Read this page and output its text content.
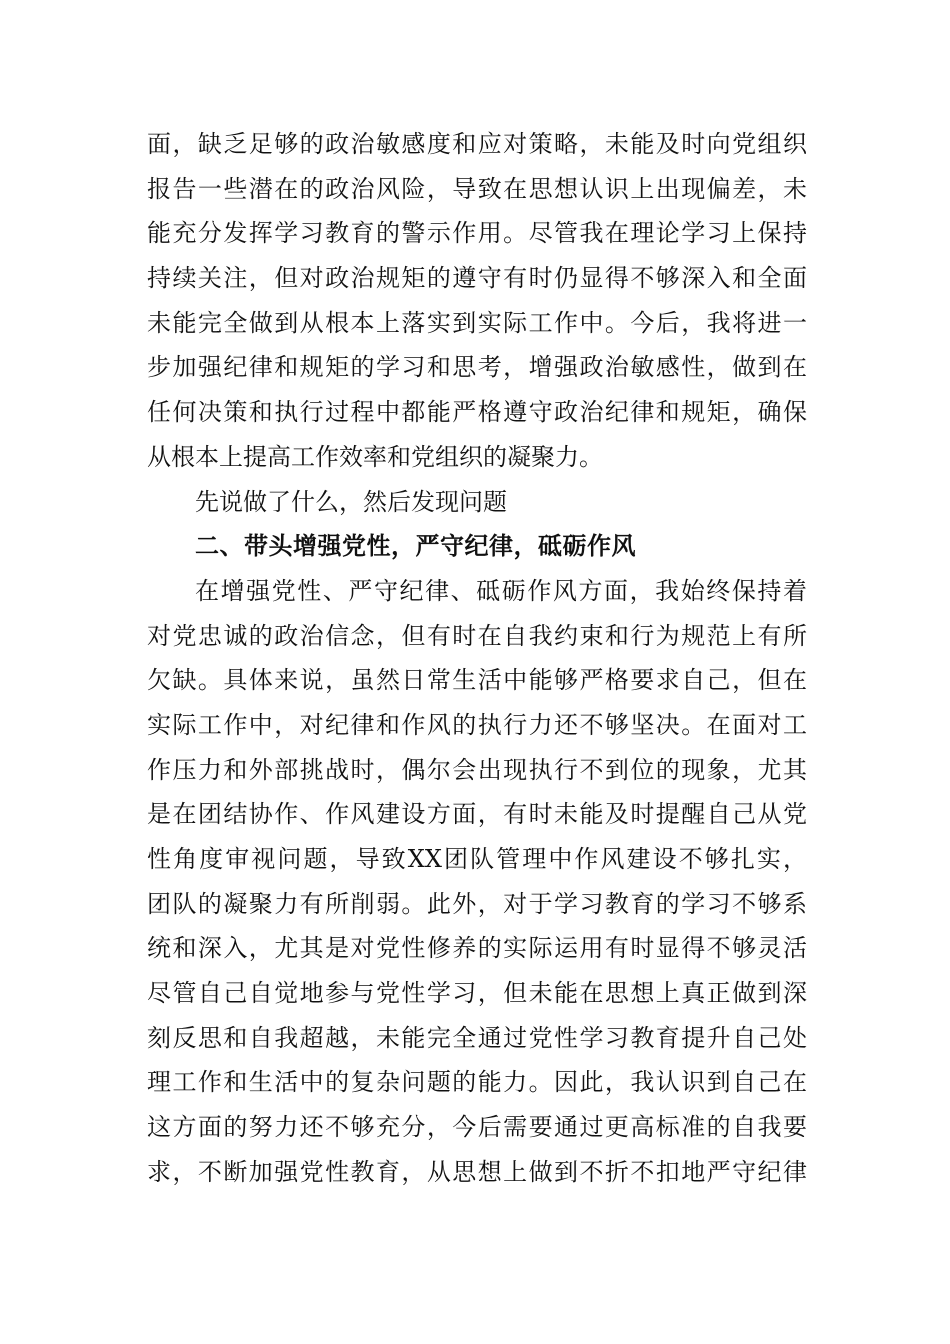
面，缺乏足够的政治敏感度和应对策略，未能及时向党组织
报告一些潜在的政治风险，导致在思想认识上出现偏差，未
能充分发挥学习教育的警示作用。尽管我在理论学习上保持
持续关注，但对政治规矩的遵守有时仍显得不够深入和全面
未能完全做到从根本上落实到实际工作中。今后，我将进一
步加强纪律和规矩的学习和思考，增强政治敏感性，做到在
任何决策和执行过程中都能严格遵守政治纪律和规矩，确保
从根本上提高工作效率和党组织的凝聚力。
先说做了什么，然后发现问题
二、带头增强党性，严守纪律，砥砺作风
在增强党性、严守纪律、砥砺作风方面，我始终保持着
对党忠诚的政治信念，但有时在自我约束和行为规范上有所
欠缺。具体来说，虽然日常生活中能够严格要求自己，但在
实际工作中，对纪律和作风的执行力还不够坚决。在面对工
作压力和外部挑战时，偶尔会出现执行不到位的现象，尤其
是在团结协作、作风建设方面，有时未能及时提醒自己从党
性角度审视问题，导致XX团队管理中作风建设不够扎实，
团队的凝聚力有所削弱。此外，对于学习教育的学习不够系
统和深入，尤其是对党性修养的实际运用有时显得不够灵活
尽管自己自觉地参与党性学习，但未能在思想上真正做到深
刻反思和自我超越，未能完全通过党性学习教育提升自己处
理工作和生活中的复杂问题的能力。因此，我认识到自己在
这方面的努力还不够充分，今后需要通过更高标准的自我要
求，不断加强党性教育，从思想上做到不折不扣地严守纪律
